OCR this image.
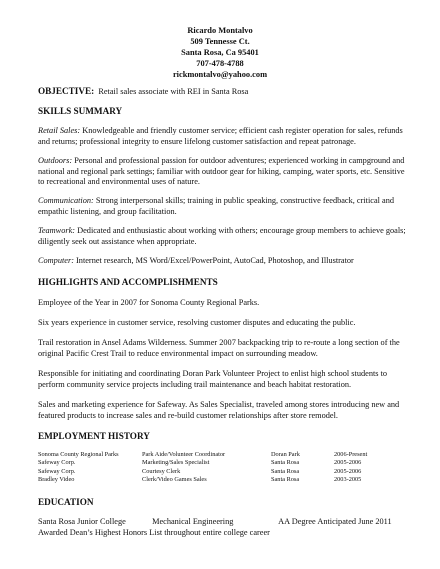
Ricardo Montalvo
509 Tennesse Ct.
Santa Rosa, Ca 95401
707-478-4788
rickmontalvo@yahoo.com
OBJECTIVE: Retail sales associate with REI in Santa Rosa
SKILLS SUMMARY
Retail Sales: Knowledgeable and friendly customer service; efficient cash register operation for sales, refunds and returns; professional integrity to ensure lifelong customer satisfaction and repeat patronage.
Outdoors: Personal and professional passion for outdoor adventures; experienced working in campground and national and regional park settings; familiar with outdoor gear for hiking, camping, water sports, etc. Sensitive to recreational and environmental uses of nature.
Communication: Strong interpersonal skills; training in public speaking, constructive feedback, critical and empathic listening, and group facilitation.
Teamwork: Dedicated and enthusiastic about working with others; encourage group members to achieve goals; diligently seek out assistance when appropriate.
Computer: Internet research, MS Word/Excel/PowerPoint, AutoCad, Photoshop, and Illustrator
HIGHLIGHTS AND ACCOMPLISHMENTS
Employee of the Year in 2007 for Sonoma County Regional Parks.
Six years experience in customer service, resolving customer disputes and educating the public.
Trail restoration in Ansel Adams Wilderness. Summer 2007 backpacking trip to re-route a long section of the original Pacific Crest Trail to reduce environmental impact on surrounding meadow.
Responsible for initiating and coordinating Doran Park Volunteer Project to enlist high school students to perform community service projects including trail maintenance and beach habitat restoration.
Sales and marketing experience for Safeway. As Sales Specialist, traveled among stores introducing new and featured products to increase sales and re-build customer relationships after store remodel.
EMPLOYMENT HISTORY
Sonoma County Regional Parks	Park Aide/Volunteer Coordinator	Doran Park	2006-Present
Safeway Corp.	Marketing/Sales Specialist	Santa Rosa	2005-2006
Safeway Corp.	Courtesy Clerk	Santa Rosa	2005-2006
Bradley Video	Clerk/Video Games Sales	Santa Rosa	2003-2005
EDUCATION
Santa Rosa Junior College	Mechanical Engineering	AA Degree Anticipated June 2011
Awarded Dean’s Highest Honors List throughout entire college career
